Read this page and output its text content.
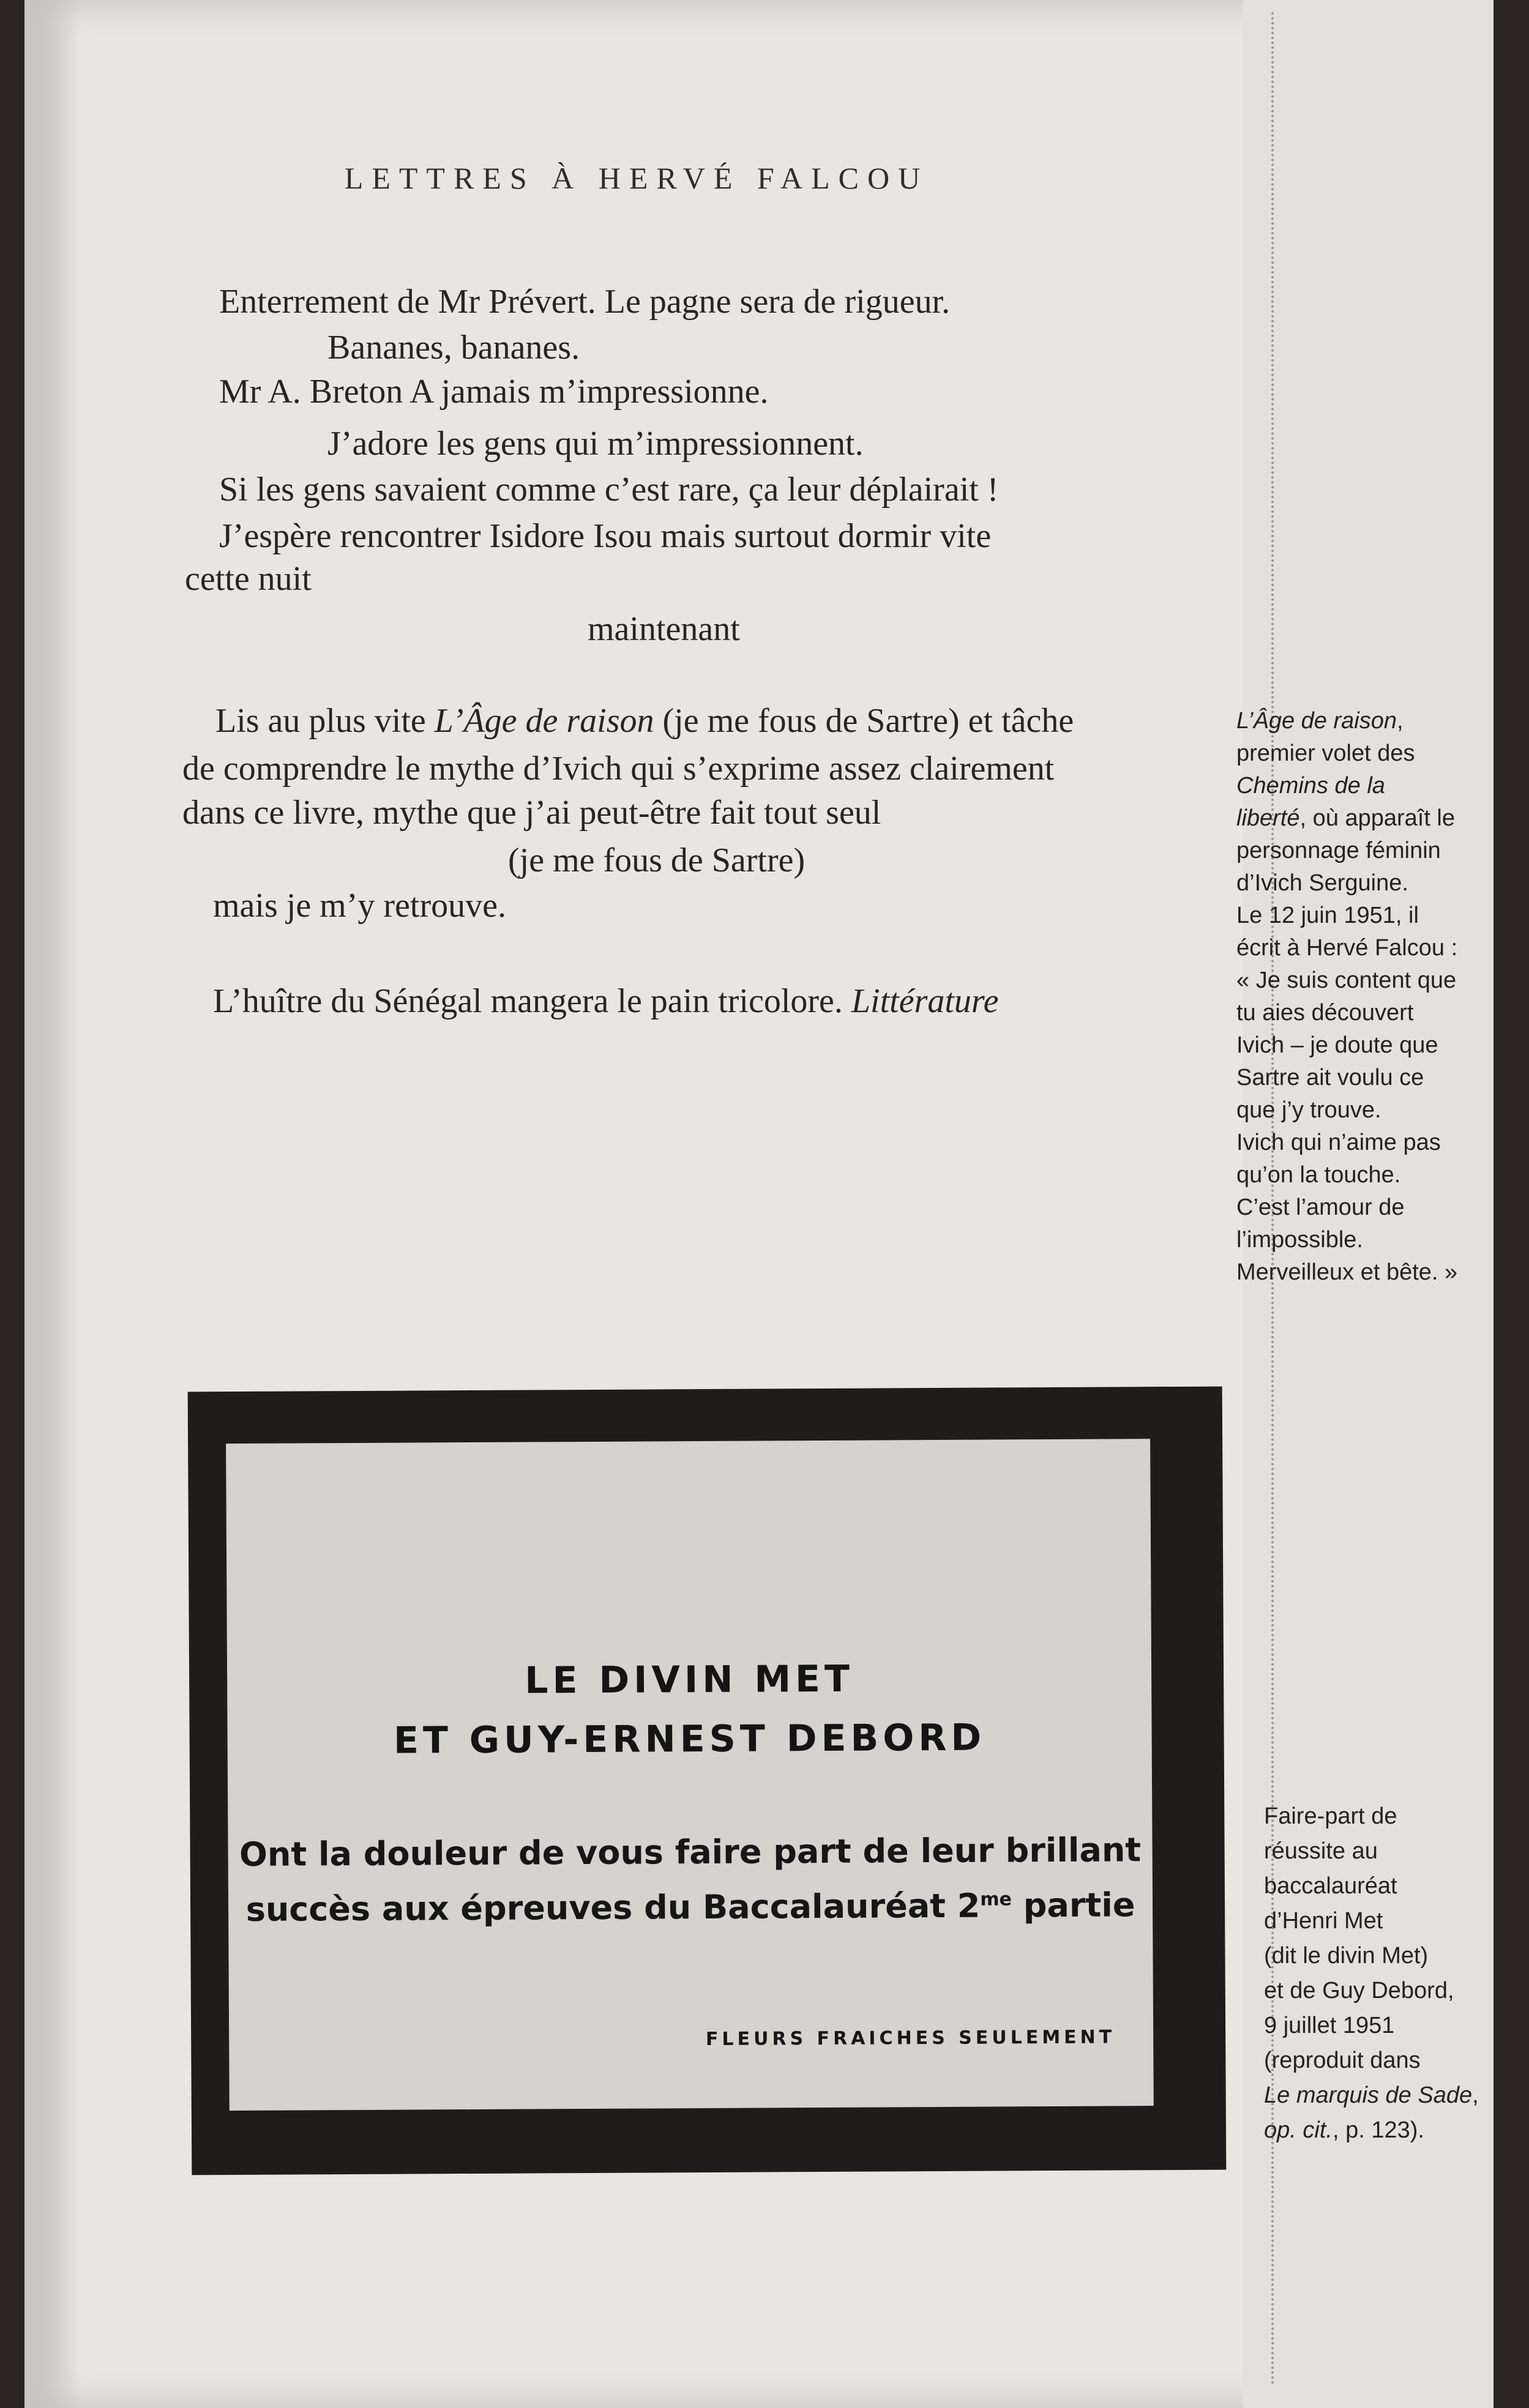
LETTRES À HERVÉ FALCOU
Enterrement de Mr Prévert. Le pagne sera de rigueur.
Bananes, bananes.
Mr A. Breton A jamais m’impressionne.
J’adore les gens qui m’impressionnent.
Si les gens savaient comme c’est rare, ça leur déplairait !
J’espère rencontrer Isidore Isou mais surtout dormir vite
cette nuit
maintenant
Lis au plus vite L’Âge de raison (je me fous de Sartre) et tâche
de comprendre le mythe d’Ivich qui s’exprime assez clairement
dans ce livre, mythe que j’ai peut-être fait tout seul
(je me fous de Sartre)
mais je m’y retrouve.
L’huître du Sénégal mangera le pain tricolore. Littérature
L’Âge de raison,
premier volet des
Chemins de la
liberté, où apparaît le
personnage féminin
d’Ivich Serguine.
Le 12 juin 1951, il
écrit à Hervé Falcou :
« Je suis content que
tu aies découvert
Ivich – je doute que
Sartre ait voulu ce
que j’y trouve.
Ivich qui n’aime pas
qu’on la touche.
C’est l’amour de
l’impossible.
Merveilleux et bête. »
Faire-part de
réussite au
baccalauréat
d’Henri Met
(dit le divin Met)
et de Guy Debord,
9 juillet 1951
(reproduit dans
Le marquis de Sade,
op. cit., p. 123).
LE DIVIN MET
ET GUY-ERNEST DEBORD
Ont la douleur de vous faire part de leur brillant
succès aux épreuves du Baccalauréat $2^{me}$ partie
FLEURS FRAICHES SEULEMENT
